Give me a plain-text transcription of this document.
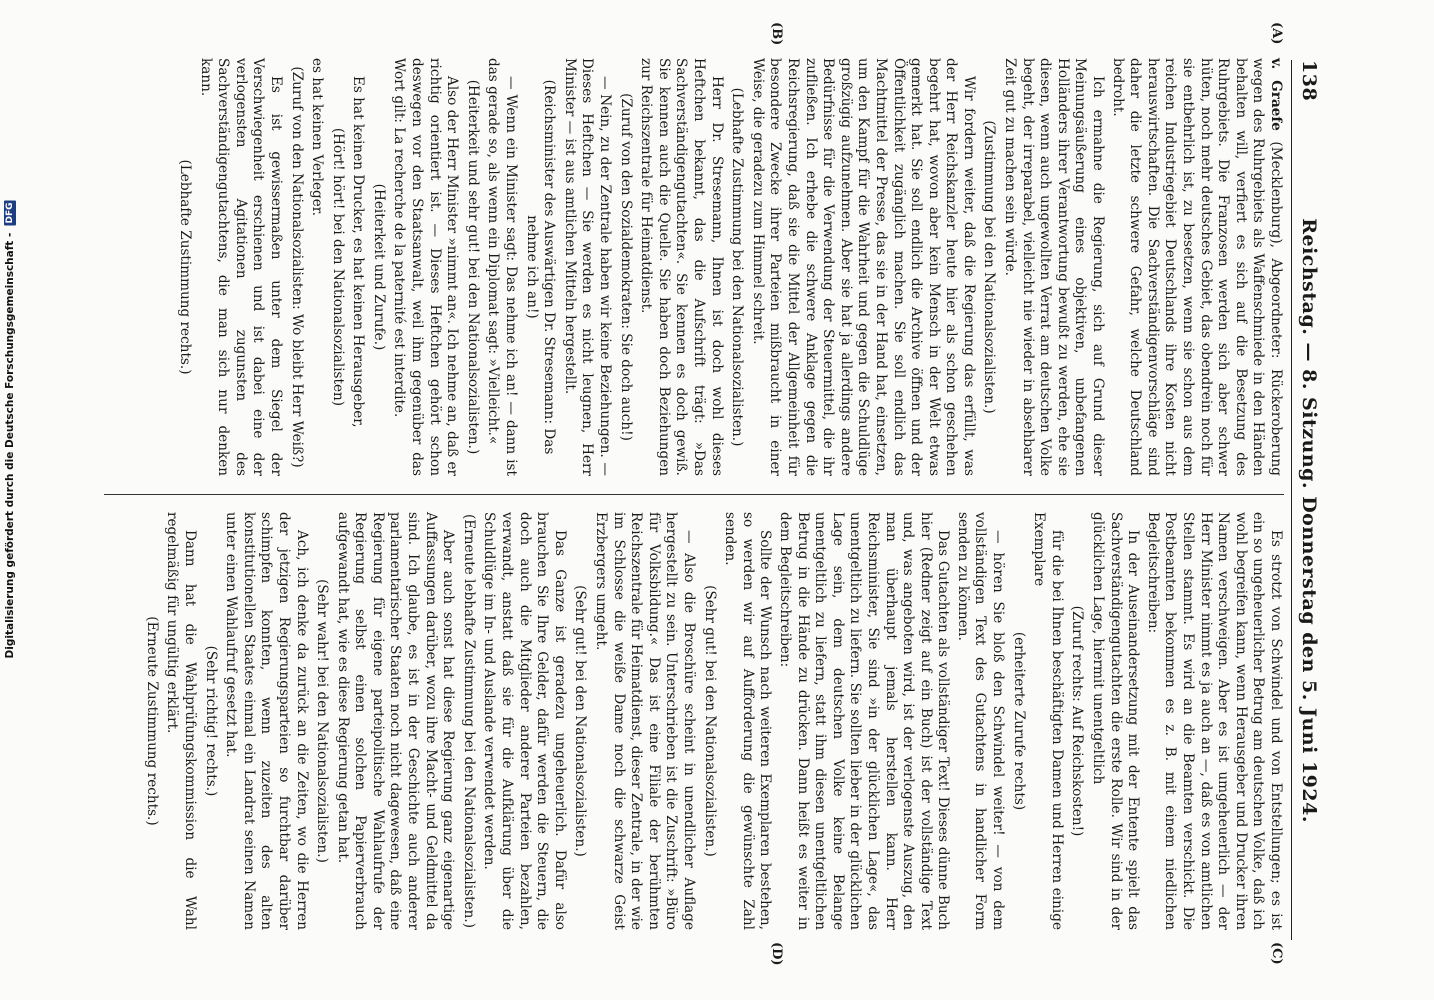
138
Reichstag. — 8. Sitzung. Donnerstag den 5. Juni 1924.
(A)
(B)
(C)
(D)

v. Graefe (Mecklenburg), Abgeordneter: Rückeroberung wegen des Ruhrgebiets als Waffenschmiede in den Händen behalten will, verfiert es sich auf die Besetzung des Ruhrgebiets. Die Franzosen werden sich aber schwer hüten, noch mehr deutsches Gebiet, das obendrein noch für sie entbehrlich ist, zu besetzen, wenn sie schon aus dem reichen Industriegebiet Deutschlands ihre Kosten nicht herauswirtschaften. Die Sachverständigenvorschläge sind daher die letzte schwere Gefahr, welche Deutschland bedroht.

Ich ermahne die Regierung, sich auf Grund dieser Meinungsäußerung eines objektiven, unbefangenen Holländers ihrer Verantwortung bewußt zu werden, ehe sie diesen, wenn auch ungewollten Verrat am deutschen Volke begeht, der irreparabel, vielleicht nie wieder in absehbarer Zeit gut zu machen sein würde.

(Zustimmung bei den Nationalsozialisten.)

Wir fordern weiter, daß die Regierung das erfüllt, was der Herr Reichskanzler heute hier als schon geschehen begehrt hat, wovon aber kein Mensch in der Welt etwas gemerkt hat. Sie soll endlich die Archive öffnen und der Öffentlichkeit zugänglich machen. Sie soll endlich das Machtmittel der Presse, das sie in der Hand hat, einsetzen, um den Kampf für die Wahrheit und gegen die Schuldlüge großzügig aufzunehmen. Aber sie hat ja allerdings andere Bedürfnisse für die Verwendung der Steuermittel, die ihr zufließen. Ich erhebe die schwere Anklage gegen die Reichsregierung, daß sie die Mittel der Allgemeinheit für besondere Zwecke ihrer Parteien mißbraucht in einer Weise, die geradezu zum Himmel schreit.

(Lebhafte Zustimmung bei den Nationalsozialisten.)

Herr Dr. Stresemann, Ihnen ist doch wohl dieses Heftchen bekannt, das die Aufschrift trägt: »Das Sachverständigengutachten«. Sie kennen es doch gewiß. Sie kennen auch die Quelle. Sie haben doch Beziehungen zur Reichszentrale für Heimatdienst.

(Zuruf von den Sozialdemokraten: Sie doch auch!)

— Nein, zu der Zentrale haben wir keine Beziehungen. — Dieses Heftchen — Sie werden es nicht leugnen, Herr Minister — ist aus amtlichen Mitteln hergestellt.

(Reichsminister des Auswärtigen Dr. Stresemann: Das nehme ich an!)

— Wenn ein Minister sagt: Das nehme ich an! — dann ist das gerade so, als wenn ein Diplomat sagt: »Vielleicht.«

(Heiterkeit und sehr gut! bei den Nationalsozialisten.)

Also der Herr Minister »nimmt an«. Ich nehme an, daß er richtig orientiert ist. — Dieses Heftchen gehört schon deswegen vor den Staatsanwalt, weil ihm gegenüber das Wort gilt: La recherche de la paternité est interdite.

(Heiterkeit und Zurufe.)

Es hat keinen Drucker, es hat keinen Herausgeber,

(Hört! hört! bei den Nationalsozialisten)

es hat keinen Verleger.

(Zuruf von den Nationalsozialisten: Wo bleibt Herr Weiß?)

Es ist gewissermaßen unter dem Siegel der Verschwiegenheit erschienen und ist dabei eine der verlogensten Agitationen zugunsten des Sachverständigengutachtens, die man sich nur denken kann.

(Lebhafte Zustimmung rechts.)

Es strotzt von Schwindel und von Entstellungen; es ist ein so ungeheuerlicher Betrug am deutschen Volke, daß ich wohl begreifen kann, wenn Herausgeber und Drucker ihren Namen verschweigen. Aber es ist umgeheuerlich — der Herr Minister nimmt es ja auch an —, daß es von amtlichen Stellen stammt. Es wird an die Beamten verschickt. Die Postbeamten bekommen es z. B. mit einem niedlichen Begleitschreiben:

In der Auseinandersetzung mit der Entente spielt das Sachverständigengutachten die erste Rolle. Wir sind in der glücklichen Lage, hiermit unentgeltlich

(Zuruf rechts: Auf Reichskosten!)

für die bei Ihnen beschäftigten Damen und Herren einige Exemplare

(erheiterte Zurufe rechts)

— hören Sie bloß den Schwindel weiter! — von dem vollständigen Text des Gutachtens in handlicher Form senden zu können.

Das Gutachten als vollständiger Text! Dieses dünne Buch hier (Redner zeigt auf ein Buch) ist der vollständige Text und, was angeboten wird, ist der verlogenste Auszug, den man überhaupt jemals herstellen kann. Herr Reichsminister, Sie sind »in der glücklichen Lage«, das unentgeltlich zu liefern. Sie sollten lieber in der glücklichen Lage sein, dem deutschen Volke keine Belange unentgeltlich zu liefern, statt ihm diesen unentgeltlichen Betrug in die Hände zu drücken. Dann heißt es weiter in dem Begleitschreiben:

Sollte der Wunsch nach weiteren Exemplaren bestehen, so werden wir auf Aufforderung die gewünschte Zahl senden.

(Sehr gut! bei den Nationalsozialisten.)

— Also die Broschüre scheint in unendlicher Auflage hergestellt zu sein. Unterschrieben ist die Zuschrift: »Büro für Volksbildung.« Das ist eine Filiale der berühmten Reichszentrale für Heimatdienst, dieser Zentrale, in der wie im Schlosse die weiße Dame noch die schwarze Geist Erzbergers umgeht.

(Sehr gut! bei den Nationalsozialisten.)

Das Ganze ist geradezu ungeheuerlich. Dafür also brauchen Sie Ihre Gelder, dafür werden die Steuern, die doch auch die Mitglieder anderer Parteien bezahlen, verwandt, anstatt daß sie für die Aufklärung über die Schuldlüge im In- und Auslande verwendet werden.

(Erneute lebhafte Zustimmung bei den Nationalsozialisten.)

Aber auch sonst hat diese Regierung ganz eigenartige Auffassungen darüber, wozu ihre Macht- und Geldmittel da sind. Ich glaube, es ist in der Geschichte auch anderer parlamentarischer Staaten noch nicht dagewesen, daß eine Regierung für eigene parteipolitische Wahlaufrufe der Regierung selbst einen solchen Papierverbrauch aufgewandt hat, wie es diese Regierung getan hat.

(Sehr wahr! bei den Nationalsozialisten.)

Ach, ich denke da zurück an die Zeiten, wo die Herren der jetzigen Regierungsparteien so furchtbar darüber schimpfen konnten, wenn zuzeiten des alten konstitutionellen Staates einmal ein Landrat seinen Namen unter einen Wahlaufruf gesetzt hat.

(Sehr richtig! rechts.)

Dann hat die Wahlprüfungskommission die Wahl regelmäßig für ungültig erklärt.

(Erneute Zustimmung rechts.)

Digitalisierung gefördert durch die Deutsche Forschungsgemeinschaft - DFG
